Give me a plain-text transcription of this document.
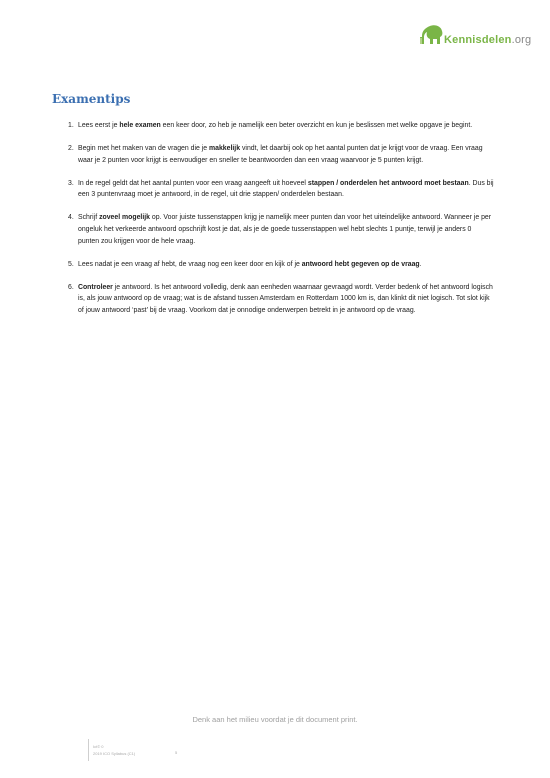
Kennisdelen.org
Examentips
1. Lees eerst je hele examen een keer door, zo heb je namelijk een beter overzicht en kun je beslissen met welke opgave je begint.
2. Begin met het maken van de vragen die je makkelijk vindt, let daarbij ook op het aantal punten dat je krijgt voor de vraag. Een vraag waar je 2 punten voor krijgt is eenvoudiger en sneller te beantwoorden dan een vraag waarvoor je 5 punten krijgt.
3. In de regel geldt dat het aantal punten voor een vraag aangeeft uit hoeveel stappen / onderdelen het antwoord moet bestaan. Dus bij een 3 puntenvraag moet je antwoord, in de regel, uit drie stappen/ onderdelen bestaan.
4. Schrijf zoveel mogelijk op. Voor juiste tussenstappen krijg je namelijk meer punten dan voor het uiteindelijke antwoord. Wanneer je per ongeluk het verkeerde antwoord opschrijft kost je dat, als je de goede tussenstappen wel hebt slechts 1 puntje, terwijl je anders 0 punten zou krijgen voor de hele vraag.
5. Lees nadat je een vraag af hebt, de vraag nog een keer door en kijk of je antwoord hebt gegeven op de vraag.
6. Controleer je antwoord. Is het antwoord volledig, denk aan eenheden waarnaar gevraagd wordt. Verder bedenk of het antwoord logisch is, als jouw antwoord op de vraag; wat is de afstand tussen Amsterdam en Rotterdam 1000 km is, dan klinkt dit niet logisch. Tot slot kijk of jouw antwoord ‘past’ bij de vraag. Voorkom dat je onnodige onderwerpen betrekt in je antwoord op de vraag.
Denk aan het milieu voordat je dit document print.
Ict© 0
2019 ICO Syllabus (C1)	5
